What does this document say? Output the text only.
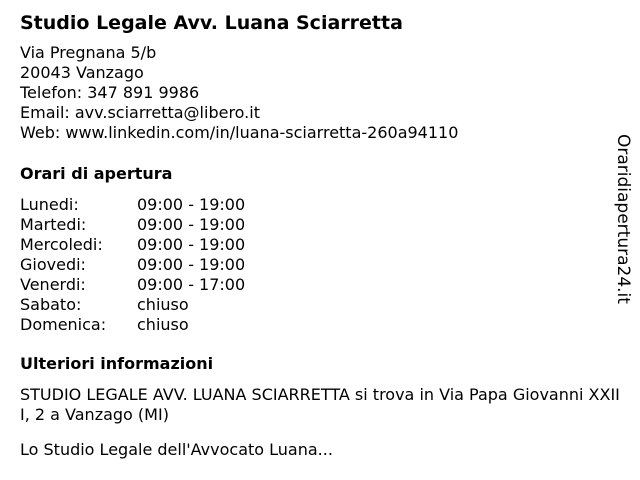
Studio Legale Avv. Luana Sciarretta
Via Pregnana 5/b
20043 Vanzago
Telefon: 347 891 9986
Email: avv.sciarretta@libero.it
Web: www.linkedin.com/in/luana-sciarretta-260a94110
Orari di apertura
Lunedi:	09:00 - 19:00
Martedi:	09:00 - 19:00
Mercoledi: 09:00 - 19:00
Giovedi:	09:00 - 19:00
Venerdi:	09:00 - 17:00
Sabato:	chiuso
Domenica: chiuso
Ulteriori informazioni

STUDIO LEGALE AVV. LUANA SCIARRETTA si trova in Via Papa Giovanni XXIII, 2 a Vanzago (MI)

Lo Studio Legale dell'Avvocato Luana...

Oraridiapertura24.it
